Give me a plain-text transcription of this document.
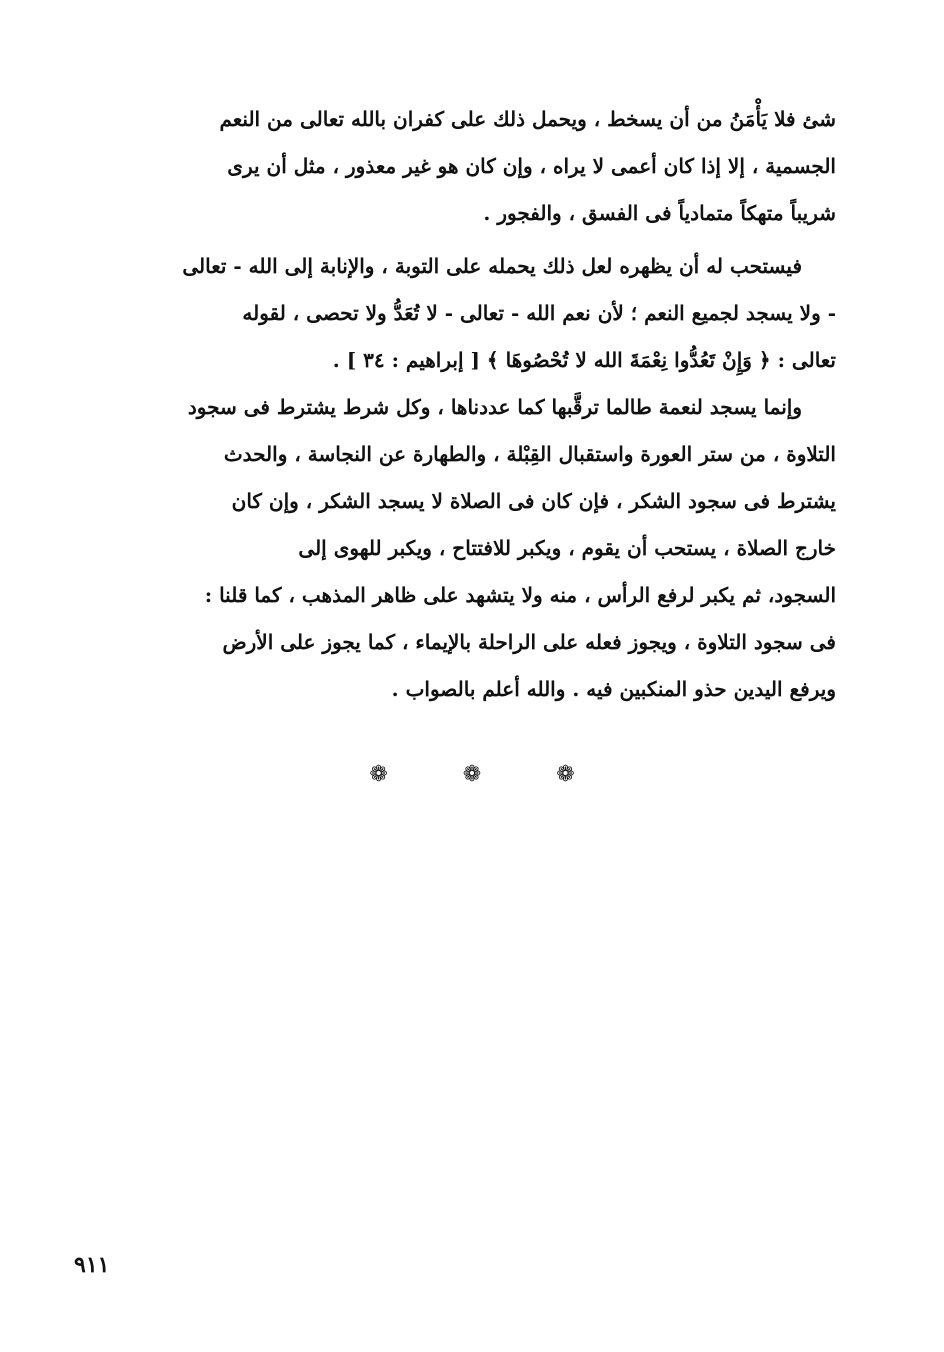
شئ فلا يَأْمَنُ من أن يسخط ، ويحمل ذلك على كفران بالله تعالى من النعم
الجسمية ، إلا إذا كان أعمى لا يراه ، وإن كان هو غير معذور ، مثل أن يرى
شريباً متهكاً متمادياً فى الفسق ، والفجور .
فيستحب له أن يظهره لعل ذلك يحمله على التوبة ، والإنابة إلى الله - تعالى
- ولا يسجد لجميع النعم ؛ لأن نعم الله - تعالى - لا تُعَدُّ ولا تحصى ، لقوله
تعالى : ﴿ وَإِنْ تَعُدُّوا نِعْمَةَ الله لا تُحْصُوهَا ﴾ [ إبراهيم : ٣٤ ] .
وإنما يسجد لنعمة طالما ترقَّبها كما عددناها ، وكل شرط يشترط فى سجود
التلاوة ، من ستر العورة واستقبال القِبْلة ، والطهارة عن النجاسة ، والحدث
يشترط فى سجود الشكر ، فإن كان فى الصلاة لا يسجد الشكر ، وإن كان
خارج الصلاة ، يستحب أن يقوم ، ويكبر للافتتاح ، ويكبر للهوى إلى
السجود، ثم يكبر لرفع الرأس ، منه ولا يتشهد على ظاهر المذهب ، كما قلنا :
فى سجود التلاوة ، ويجوز فعله على الراحلة بالإيماء ، كما يجوز على الأرض
ويرفع اليدين حذو المنكبين فيه . والله أعلم بالصواب .
❁	❁	❁
٩١١
